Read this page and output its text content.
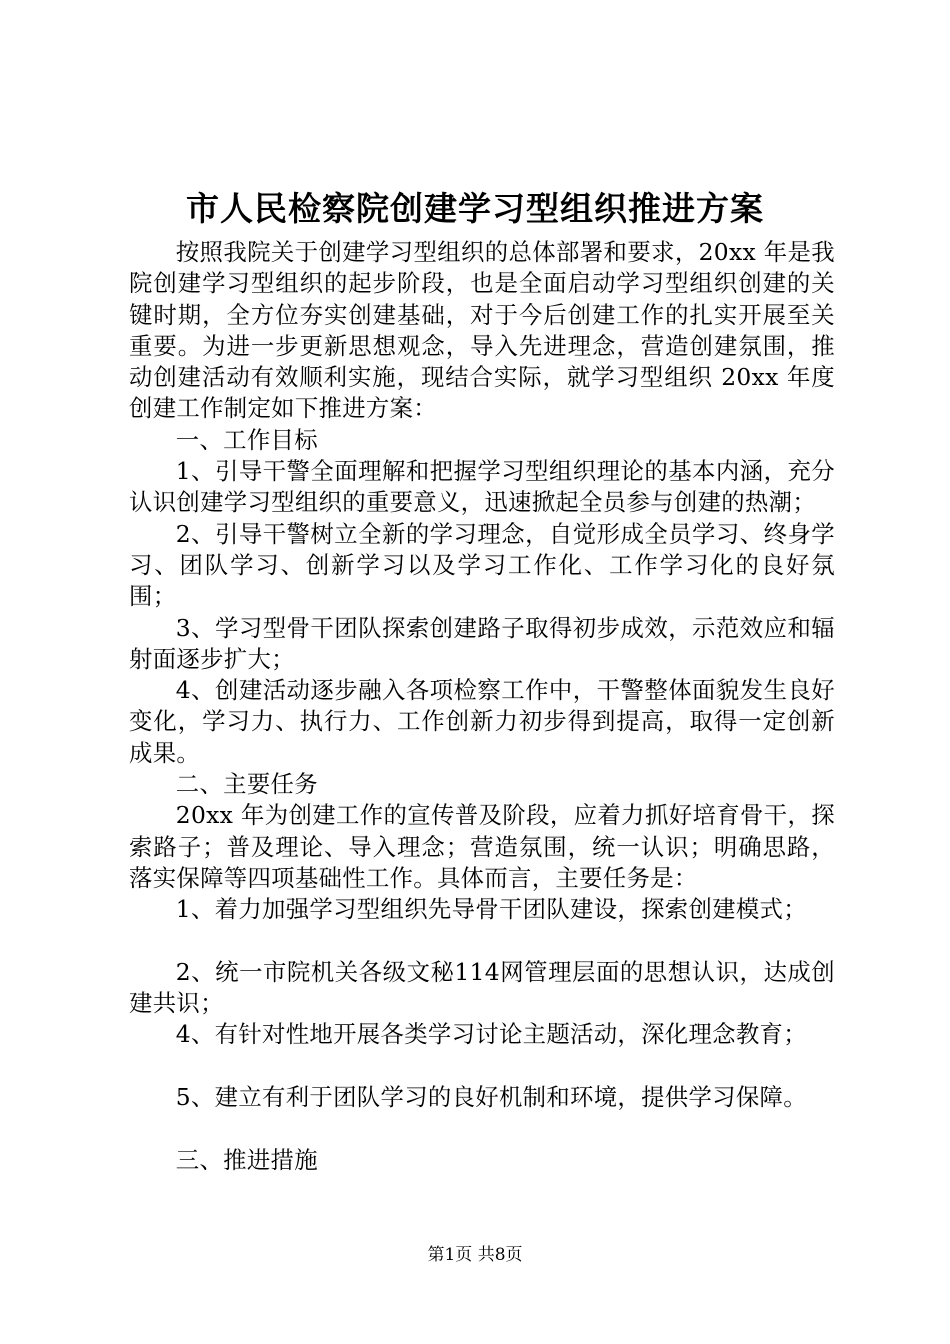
市人民检察院创建学习型组织推进方案

按照我院关于创建学习型组织的总体部署和要求，20xx 年是我院创建学习型组织的起步阶段，也是全面启动学习型组织创建的关键时期，全方位夯实创建基础，对于今后创建工作的扎实开展至关重要。为进一步更新思想观念，导入先进理念，营造创建氛围，推动创建活动有效顺利实施，现结合实际，就学习型组织 20xx 年度创建工作制定如下推进方案：

一、工作目标

1、引导干警全面理解和把握学习型组织理论的基本内涵，充分认识创建学习型组织的重要意义，迅速掀起全员参与创建的热潮；

2、引导干警树立全新的学习理念，自觉形成全员学习、终身学习、团队学习、创新学习以及学习工作化、工作学习化的良好氛围；

3、学习型骨干团队探索创建路子取得初步成效，示范效应和辐射面逐步扩大；

4、创建活动逐步融入各项检察工作中，干警整体面貌发生良好变化，学习力、执行力、工作创新力初步得到提高，取得一定创新成果。

二、主要任务

20xx 年为创建工作的宣传普及阶段，应着力抓好培育骨干，探索路子；普及理论、导入理念；营造氛围，统一认识；明确思路，落实保障等四项基础性工作。具体而言，主要任务是：

1、着力加强学习型组织先导骨干团队建设，探索创建模式；

2、统一市院机关各级文秘114网管理层面的思想认识，达成创建共识；

4、有针对性地开展各类学习讨论主题活动，深化理念教育；

5、建立有利于团队学习的良好机制和环境，提供学习保障。

三、推进措施

第1页 共8页
